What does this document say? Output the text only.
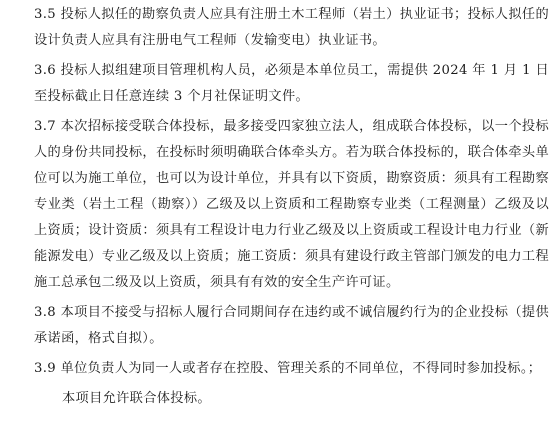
3.5 投标人拟任的勘察负责人应具有注册土木工程师（岩土）执业证书；投标人拟任的设计负责人应具有注册电气工程师（发输变电）执业证书。

3.6 投标人拟组建项目管理机构人员，必须是本单位员工，需提供 2024 年 1 月 1 日至投标截止日任意连续 3 个月社保证明文件。

3.7 本次招标接受联合体投标，最多接受四家独立法人，组成联合体投标，以一个投标人的身份共同投标，在投标时须明确联合体牵头方。若为联合体投标的，联合体牵头单位可以为施工单位，也可以为设计单位，并具有以下资质，勘察资质：须具有工程勘察专业类（岩土工程（勘察））乙级及以上资质和工程勘察专业类（工程测量）乙级及以上资质；设计资质：须具有工程设计电力行业乙级及以上资质或工程设计电力行业（新能源发电）专业乙级及以上资质；施工资质：须具有建设行政主管部门颁发的电力工程施工总承包二级及以上资质，须具有有效的安全生产许可证。

3.8 本项目不接受与招标人履行合同期间存在违约或不诚信履约行为的企业投标（提供承诺函，格式自拟）。

3.9 单位负责人为同一人或者存在控股、管理关系的不同单位，不得同时参加投标。；

本项目允许联合体投标。
